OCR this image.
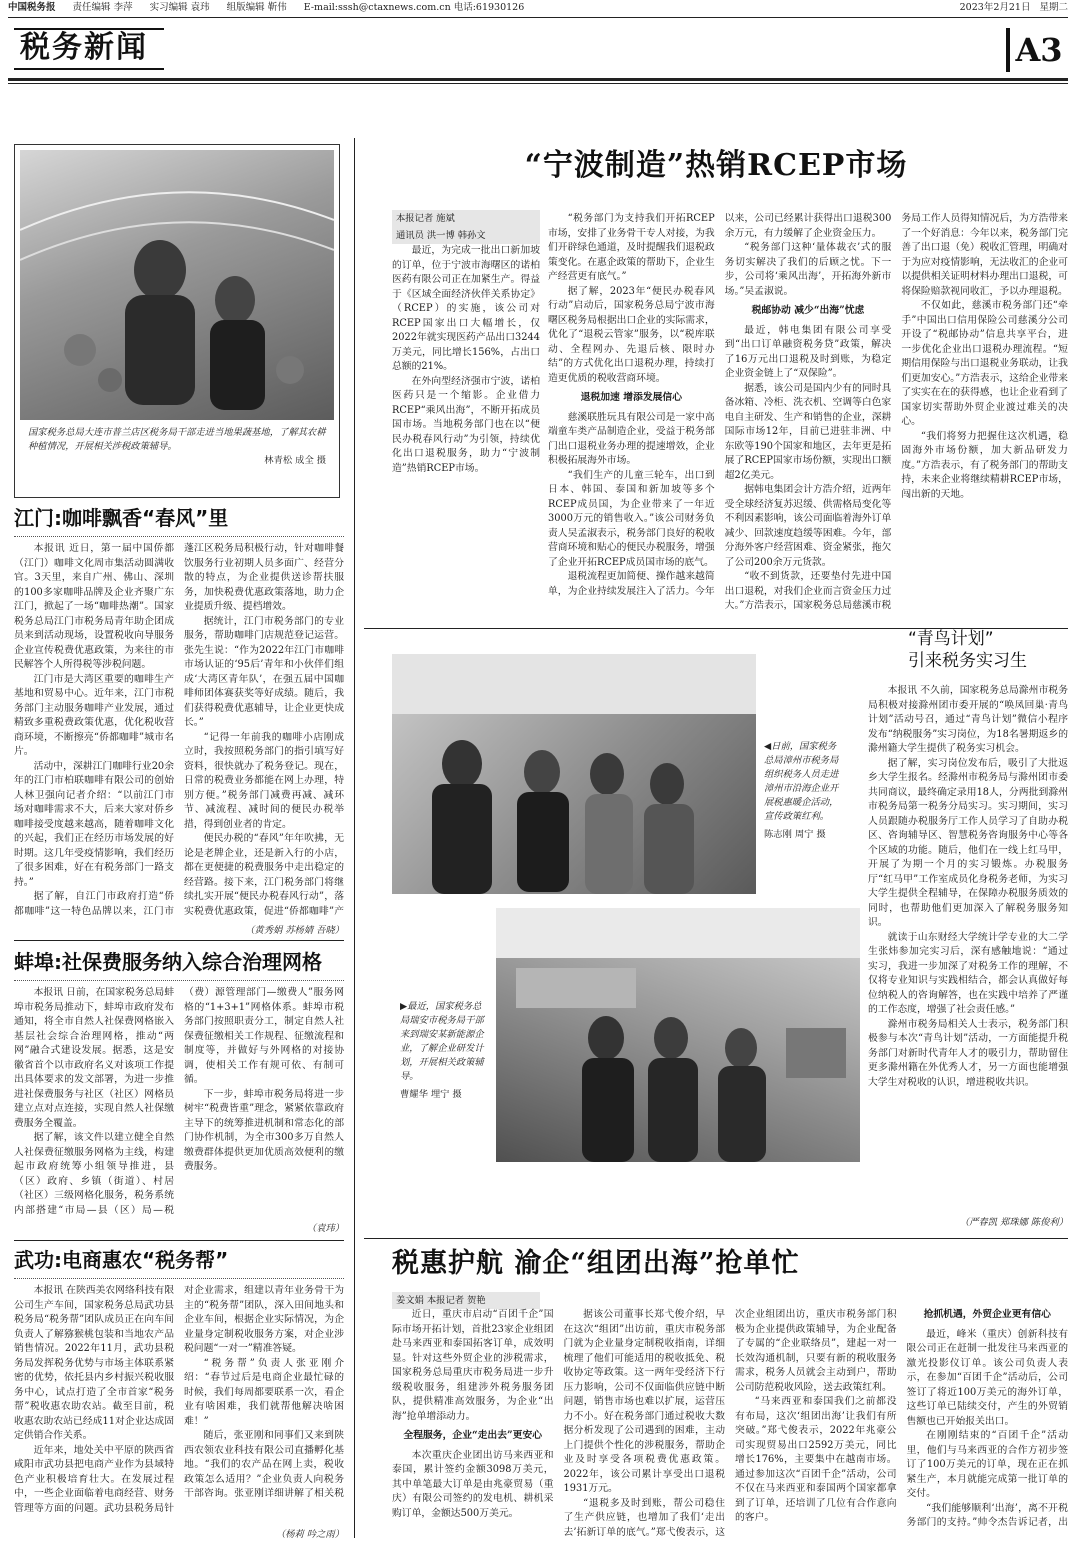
中国税务报 责任编辑 李萍 实习编辑 袁玮 组版编辑 靳伟 E-mail:sssh@ctaxnews.com.cn 电话:61930126	2023年2月21日 星期二
税务新闻	A3
国家税务总局大连市普兰店区税务局干部走进当地果蔬基地，了解其农耕种植情况，开展相关涉税政策辅导。
林青松 成全 摄
江门:咖啡飘香“春风”里

本报讯 近日，第一届中国侨都（江门）咖啡文化周市集活动圆满收官。3天里，来自广州、佛山、深圳的100多家咖啡品牌及企业齐聚广东江门，掀起了一场“咖啡热潮”。国家税务总局江门市税务局青年助企团成员来到活动现场，设置税收向导服务企业宣传税费优惠政策，为来往的市民解答个人所得税等涉税问题。

江门市是大湾区重要的咖啡生产基地和贸易中心。近年来，江门市税务部门主动服务咖啡产业发展，通过精致多重税费政策优惠，优化税收营商环境，不断擦亮“侨都咖啡”城市名片。

活动中，深耕江门咖啡行业20余年的江门市柏联咖啡有限公司的创始人林卫强向记者介绍：“以前江门市场对咖啡需求不大，后来大家对侨乡咖啡接受度越来越高，随着咖啡文化的兴起，我们正在经历市场发展的好时期。这几年受疫情影响，我们经历了很多困难，好在有税务部门一路支持。”

据了解，自江门市政府打造“侨都咖啡”这一特色品牌以来，江门市蓬江区税务局积极行动，针对咖啡餐饮服务行业初期人员多面广、经营分散的特点，为企业提供送诊帮扶服务，加快税费优惠政策落地，助力企业提质升级、提档增效。

据统计，江门市税务部门的专业服务，帮助咖啡门店规范登记运营。张先生说：“作为2022年江门市咖啡市场认证的‘95后’青年和小伙伴们组成‘大湾区青年队’，在强五届中国咖啡师团体赛获奖等好成绩。随后，我们获得税费优惠辅导，让企业更快成长。”

“记得一年前我的咖啡小店刚成立时，我按照税务部门的指引填写好资料，很快就办了税务登记。现在，日常的税费业务都能在网上办理，特别方便。”税务部门减费再减、减环节、减流程、减时间的便民办税举措，得到创业者的肯定。

便民办税的“春风”年年吹拂，无论是老牌企业，还是新入行的小店，都在更便捷的税费服务中走出稳定的经营路。接下来，江门税务部门将继续扎实开展“便民办税春风行动”，落实税费优惠政策，促进“侨都咖啡”产

（黄秀娟 苏杨婧 吾晓）
蚌埠:社保费服务纳入综合治理网格

本报讯 日前，在国家税务总局蚌埠市税务局推动下，蚌埠市政府发布通知，将全市自然人社保费网格嵌入基层社会综合治理网格，推动“两网”融合式建设发展。据悉，这是安徽省首个以市政府名义对该项工作提出具体要求的发文部署，为进一步推进社保费服务与社区（社区）网格员建立点对点连接，实现自然人社保缴费服务全覆盖。

据了解，该文件以建立健全自然人社保费征缴服务网格为主线，构建起市政府统筹小组领导推进，县（区）政府、乡镇（街道）、村居（社区）三级网格化服务，税务系统内部搭建“市局—县（区）局—税（费）源管理部门—缴费人”服务网格的“1+3+1”网格体系。蚌埠市税务部门按照职责分工，制定自然人社保费征缴相关工作规程、征缴流程和制度等，并做好与外网格的对接协调，使相关工作有规可依、有制可循。

下一步，蚌埠市税务局将进一步树牢“税费皆重”理念，紧紧依靠政府主导下的统筹推进机制和常态化的部门协作机制，为全市300多万自然人缴费群体提供更加优质高效便利的缴费服务。

（袁玮）
武功:电商惠农“税务帮”

本报讯 在陕西美农网络科技有限公司生产车间，国家税务总局武功县税务局“税务帮”团队成员正在向车间负责人了解猕猴桃包装和当地农产品销售情况。2022年11月，武功县税务局发挥税务优势与市场主体联系紧密的优势，依托县内乡村振兴税收服务中心，试点打造了全市首家“税务帮”税收惠农助农站。截至目前，税收惠农助农站已经成11对企业达成固定供销合作关系。

近年来，地处关中平原的陕西省咸阳市武功县把电商产业作为县域特色产业积极培育壮大。在发展过程中，一些企业面临着电商经营、财务管理等方面的问题。武功县税务局针对企业需求，组建以青年业务骨干为主的“税务帮”团队，深入田间地头和企业车间，根据企业实际情况，为企业量身定制税收服务方案，对企业涉税问题“一对一”精准答疑。

“税务帮”负责人张亚刚介绍：“春节过后是电商企业最忙碌的时候，我们每周都要联系一次，看企业有啥困难，我们就帮他解决啥困难！”

随后，张亚刚和同事们又来到陕西农领农业科技有限公司直播孵化基地。“我们的农产品在网上卖，税收政策怎么适用？”企业负责人向税务干部咨询。张亚刚详细讲解了相关税

（杨莉 吟之雨）
“宁波制造”热销RCEP市场
本报记者 施斌
通讯员 洪一博 韩孙文

最近，为完成一批出口新加坡的订单，位于宁波市海曙区的诺柏医药有限公司正在加紧生产。得益于《区域全面经济伙伴关系协定》（RCEP）的实施，该公司对RCEP国家出口大幅增长，仅2022年就实现医药产品出口3244万美元，同比增长156%，占出口总额的21%。

在外向型经济强市宁波，诺柏医药只是一个缩影。企业借力RCEP“乘风出海”，不断开拓成员国市场。当地税务部门也在以“便民办税春风行动”为引领，持续优化出口退税服务，助力“宁波制造”热销RCEP市场。

“税务部门为支持我们开拓RCEP市场，安排了业务骨干专人对接，为我们开辟绿色通道，及时提醒我们退税政策变化。在惠企政策的帮助下，企业生产经营更有底气。”

据了解，2023年“便民办税春风行动”启动后，国家税务总局宁波市海曙区税务局根据出口企业的实际需求，优化了“退税云管家”服务，以“税库联动、全程网办、先退后核、限时办结”的方式优化出口退税办理，持续打造更优质的税收营商环境。

退税加速 增添发展信心

慈溪联胜玩具有限公司是一家中高端童车类产品制造企业，受益于税务部门出口退税业务办理的提速增效，企业积极拓展海外市场。

“我们生产的儿童三轮车，出口到日本、韩国、泰国和新加坡等多个RCEP成员国，为企业带来了一年近3000万元的销售收入。”该公司财务负责人吴孟淑表示，税务部门良好的税收营商环境和贴心的便民办税服务，增强了企业开拓RCEP成员国市场的底气。

退税流程更加简便、操作越来越简单，为企业持续发展注入了活力。今年以来，公司已经累计获得出口退税300余万元，有力缓解了企业资金压力。

“税务部门这种‘量体裁衣’式的服务切实解决了我们的后顾之忧。下一步，公司将‘乘风出海’，开拓海外新市场。”吴孟淑说。

税邮协动 减少“出海”忧虑

最近，韩电集团有限公司享受到“出口订单融资税务贷”政策，解决了16万元出口退税及时到账，为稳定企业资金链上了“双保险”。

据悉，该公司是国内少有的同时具备冰箱、冷柜、洗衣机、空调等白色家电自主研发、生产和销售的企业，深耕国际市场12年，目前已进驻非洲、中东欧等190个国家和地区，去年更是拓展了RCEP国家市场份额，实现出口额超2亿美元。

据韩电集团会计方浩介绍，近两年受全球经济复苏迟缓、供需格局变化等不利因素影响，该公司面临着海外订单减少、回款速度趋缓等困难。今年，部分海外客户经营困难、资金紧张，拖欠了公司200余万元货款。

“收不到货款，还要垫付先进中国出口退税，对我们企业而言资金压力过大。”方浩表示，国家税务总局慈溪市税务局工作人员得知情况后，为方浩带来了一个好消息：今年以来，税务部门完善了出口退（免）税收汇管理，明确对于为应对疫情影响，无法收汇的企业可以提供相关证明材料办理出口退税，可将保险赔款视同收汇，予以办理退税。

不仅如此，慈溪市税务部门还“牵手”中国出口信用保险公司慈溪分公司开设了“税邮协动”信息共享平台，进一步优化企业出口退税办理流程。“短期信用保险与出口退税业务联动，让我们更加安心。”方浩表示，这给企业带来了实实在在的获得感，也让企业看到了国家切实帮助外贸企业渡过难关的决心。

“我们将努力把握住这次机遇，稳固海外市场份额，加大新品研发力度。”方浩表示，有了税务部门的帮助支持，未来企业将继续精耕RCEP市场，闯出新的天地。

◀日前，国家税务总局漳州市税务局组织税务人员走进漳州市沿海企业开展税惠暖企活动，宣传政策红利。
陈志刚 周宁 摄
▶最近，国家税务总局瑞安市税务局干部来到瑞安某新能源企业，了解企业研发计划，开展相关政策辅导。
曹耀华 埋宁 摄
“青鸟计划”
引来税务实习生

本报讯 不久前，国家税务总局滁州市税务局积极对接滁州团市委开展的“唤凤回巢·青鸟计划”活动号召，通过“青鸟计划”微信小程序发布“纳税服务”实习岗位，为18名暑期返乡的滁州籍大学生提供了税务实习机会。

据了解，实习岗位发布后，吸引了大批返乡大学生报名。经滁州市税务局与滁州团市委共同商议，最终确定录用18人，分两批到滁州市税务局第一税务分局实习。实习期间，实习人员跟随办税服务厅工作人员学习了自助办税区、咨询辅导区、智慧税务咨询服务中心等各个区域的功能。随后，他们在一线上红马甲，开展了为期一个月的实习锻炼。办税服务厅“红马甲”工作室成员化身税务老师，为实习大学生提供全程辅导，在保障办税服务质效的同时，也帮助他们更加深入了解税务服务知识。

就读于山东财经大学统计学专业的大二学生张炜参加完实习后，深有感触地说：“通过实习，我进一步加深了对税务工作的理解，不仅将专业知识与实践相结合，都会认真做好每位纳税人的咨询解答，也在实践中培养了严谨的工作态度，增强了社会责任感。”

滁州市税务局相关人士表示，税务部门积极参与本次“青鸟计划”活动，一方面能提升税务部门对新时代青年人才的吸引力，帮助留住更多滁州籍在外优秀人才，另一方面也能增强大学生对税收的认识，增进税收共识。

（严春凯 郑珠娜 陈俊利）
税惠护航 渝企“组团出海”抢单忙
姜文娟 本报记者 贺艳

近日，重庆市启动“百团千企”国际市场开拓计划，首批23家企业组团赴马来西亚和泰国拓客订单，成效明显。针对这些外贸企业的涉税需求，国家税务总局重庆市税务局进一步升级税收服务，组建涉外税务服务团队，提供精准高效服务，为企业“出海”抢单增添动力。

全程服务，企业“走出去”更安心

本次重庆企业团出访马来西亚和泰国，累计签约金额3098万美元，其中单笔最大订单是由兆豪贸易（重庆）有限公司签约的发电机、耕机采购订单，金额达500万美元。

据该公司董事长郑弋俊介绍，早在这次“组团”出访前，重庆市税务部门就为企业量身定制税收指南，详细梳理了他们可能适用的税收抵免、税收协定等政策。这一两年受经济下行压力影响，公司不仅面临供应链中断问题，销售市场也难以扩展，运营压力不小。好在税务部门通过税收大数据分析发现了公司遇到的困难，主动上门提供个性化的涉税服务，帮助企业及时享受各项税费优惠政策。2022年，该公司累计享受出口退税1931万元。

“退税多及时到账，帮公司稳住了生产供应链，也增加了我们‘走出去’拓新订单的底气。”郑弋俊表示，这次企业组团出访，重庆市税务部门积极为企业提供政策辅导，为企业配备了专属的“企业联络员”，建起一对一长效沟通机制，只要有新的税收服务需求，税务人员就会主动到户，帮助公司防范税收风险，送去政策红利。

“马来西亚和泰国我们之前都没有布局，这次‘组团出海’让我们有所突破。”郑弋俊表示，2022年兆豪公司实现贸易出口2592万美元，同比增长176%，主要集中在越南市场。通过参加这次“百团千企”活动，公司不仅在马来西亚和泰国两个国家都拿到了订单，还培训了几位有合作意向的客户。

抢抓机遇，外贸企业更有信心

最近，峰米（重庆）创新科技有限公司正在赶制一批发往马来西亚的激光投影仪订单。该公司负责人表示，在参加“百团千企”活动后，公司签订了将近100万美元的海外订单，这些订单已陆续交付，产生的外贸销售额也已开始报关出口。

在刚刚结束的“百团千企”活动里，他们与马来西亚的合作方初步签订了100万美元的订单，现在正在抓紧生产，本月就能完成第一批订单的交付。

“我们能够顺利‘出海’，离不开税务部门的支持。”帅令杰告诉记者，出
